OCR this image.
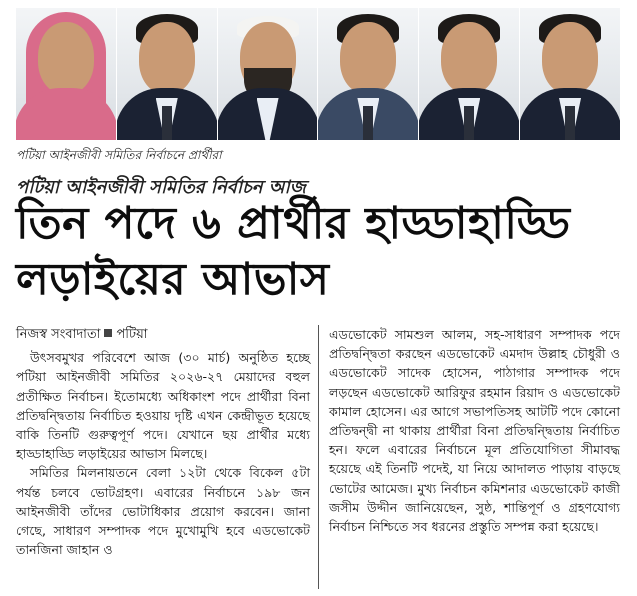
পটিয়া আইনজীবী সমিতির নির্বাচনে প্রার্থীরা
পটিয়া আইনজীবী সমিতির নির্বাচন আজ
তিন পদে ৬ প্রার্থীর হাড্ডাহাড্ডি
লড়াইয়ের আভাস
নিজস্ব সংবাদাতা পটিয়া

উৎসবমুখর পরিবেশে আজ (৩০ মার্চ) অনুষ্ঠিত হচ্ছে পটিয়া আইনজীবী সমিতির ২০২৬-২৭ মেয়াদের বহুল প্রতীক্ষিত নির্বাচন। ইতোমধ্যে অধিকাংশ পদে প্রার্থীরা বিনা প্রতিদ্বন্দ্বিতায় নির্বাচিত হওয়ায় দৃষ্টি এখন কেন্দ্রীভূত হয়েছে বাকি তিনটি গুরুত্বপূর্ণ পদে। যেখানে ছয় প্রার্থীর মধ্যে হাড্ডাহাড্ডি লড়াইয়ের আভাস মিলছে।

সমিতির মিলনায়তনে বেলা ১২টা থেকে বিকেল ৫টা পর্যন্ত চলবে ভোটগ্রহণ। এবারের নির্বাচনে ১৯৮ জন আইনজীবী তাঁদের ভোটাধিকার প্রয়োগ করবেন। জানা গেছে, সাধারণ সম্পাদক পদে মুখোমুখি হবে এডভোকেট তানজিনা জাহান ও

এডভোকেট সামশুল আলম, সহ-সাধারণ সম্পাদক পদে প্রতিদ্বন্দ্বিতা করছেন এডভোকেট এমদাদ উল্লাহ চৌধুরী ও এডভোকেট সাদেক হোসেন, পাঠাগার সম্পাদক পদে লড়ছেন এডভোকেট আরিফুর রহমান রিয়াদ ও এডভোকেট কামাল হোসেন। এর আগে সভাপতিসহ আটটি পদে কোনো প্রতিদ্বন্দ্বী না থাকায় প্রার্থীরা বিনা প্রতিদ্বন্দ্বিতায় নির্বাচিত হন। ফলে এবারের নির্বাচনে মূল প্রতিযোগিতা সীমাবদ্ধ হয়েছে এই তিনটি পদেই, যা নিয়ে আদালত পাড়ায় বাড়ছে ভোটের আমেজ। মুখ্য নির্বাচন কমিশনার এডভোকেট কাজী জসীম উদ্দীন জানিয়েছেন, সুষ্ঠ, শান্তিপূর্ণ ও গ্রহণযোগ্য নির্বাচন নিশ্চিতে সব ধরনের প্রস্তুতি সম্পন্ন করা হয়েছে।
